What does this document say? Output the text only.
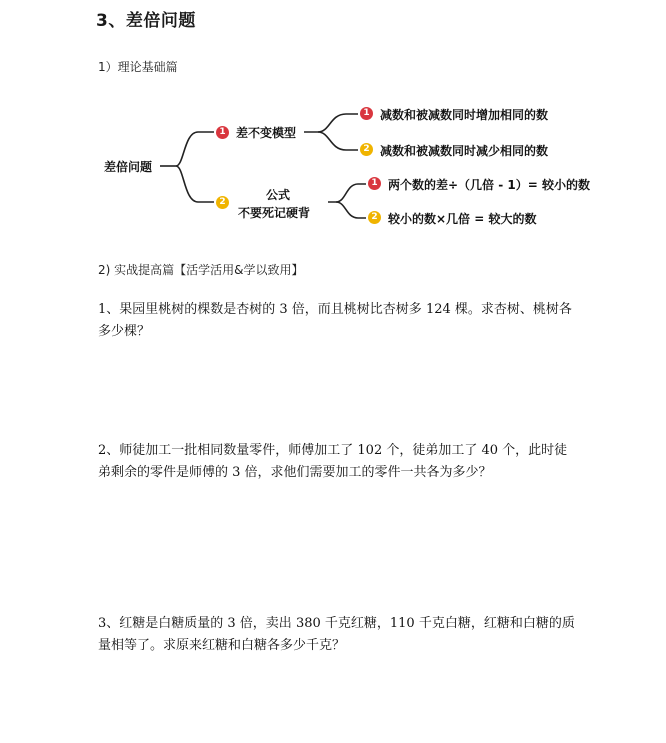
3、差倍问题
1）理论基础篇
差倍问题
1 差不变模型
1 减数和被减数同时增加相同的数
2 减数和被减数同时减少相同的数
2	公式
不要死记硬背
1 两个数的差÷（几倍 - 1）= 较小的数
2 较小的数×几倍 = 较大的数
2) 实战提高篇【活学活用&学以致用】
1、果园里桃树的棵数是杏树的 3 倍，而且桃树比杏树多 124 棵。求杏树、桃树各多少棵？
2、师徒加工一批相同数量零件，师傅加工了 102 个，徒弟加工了 40 个，此时徒弟剩余的零件是师傅的 3 倍，求他们需要加工的零件一共各为多少？
3、红糖是白糖质量的 3 倍，卖出 380 千克红糖，110 千克白糖，红糖和白糖的质量相等了。求原来红糖和白糖各多少千克？
